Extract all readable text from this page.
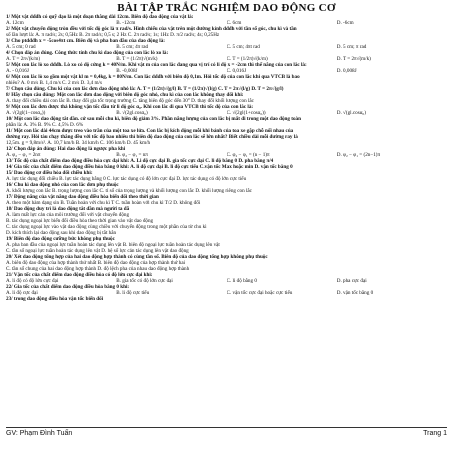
BÀI TẬP TRẮC NGHIỆM DAO ĐỘNG CƠ
1/ Một vật dđđh có quỹ đạo là một đoạn thẳng dài 12cm. Biên độ dao động của vật là:
A. 12cm	B. -12cm	C. 6cm	D. -6cm
2/ Một vật chuyển động tròn đều với tốc độ góc là π rad/s. Hình chiếu của vật trên một đường kính dđđh với tần số góc, chu kì và tần
số lần lượt là: A. π rad/s; 2s; 0,5Hz B. 2π rad/s; 0,5 s; 2 Hz C. 2π rad/s; 1s; 1Hz D. π/2 rad/s; 4s; 0,25Hz
3/ Cho ptdđđh x = -5cos4πt cm. Biên độ và pha ban đầu của dao động là:
A. 5 cm; 0 rad	B. 5 cm; 4π rad	C. 5 cm; 4πt rad	D. 5 cm; π rad
4/ Chọn đáp án đúng. Công thức tính chu kì dao động của con lắc lò xo là:
A. T = 2π√(k/m)	B. T = (1/2π)√(m/k)	C. T = (1/2π)√(k/m)	D. T = 2π√(m/k)
5/ Một con lắc lò xo dđđh. Lò xo có độ cứng k = 40N/m. Khi vật m của con lắc đang qua vị trí có li độ x = -2cm thì thế năng của con lắc là:
A. - 0,016J	B. -0,008J	C. 0,016J	D. 0,008J
6/ Một con lắc lò xo gồm một vật kl m = 0,4kg, k = 80N/m. Con lắc dđđh với biên độ 0,1m. Hỏi tốc độ của con lắc khi qua VTCB là bao
nhiêu? A. 0 m/s B. 1,4 m/s C. 2 m/s D. 3,4 m/s
7/ Chọn câu đúng. Chu kì của con lắc đơn dao động nhỏ là: A. T = (1/2π)√(g/l) B. T = (1/2π)√(l/g) C. T = 2π√(l/g) D. T = 2π√(g/l)
8/ Hãy chọn câu đúng: Một con lắc đơn dao động với biên độ góc nhỏ, chu kì của con lắc không thay đổi khi:
A. thay đổi chiều dài con lắc B. thay đổi gia tốc trọng trường C. tăng biên độ góc đến 30° D. thay đổi khối lượng con lắc
9/ Một con lắc đơn được thả không vận tốc đầu từ li độ góc α₀. Khi con lắc đi qua VTCB thì tốc độ của con lắc là:
A. √(2gl(1−cosα₀))	B. √(2gl.cosα₀)	C. √(2gl(1+cosα₀))	D. √(gl.cosα₀)
10/ Một con lắc dao động tắt dần. cứ sau mỗi chu kì, biên độ giảm 3%. Phần năng lượng của con lắc bị mất đi trong một dao động toàn
phần là: A. 3% B. 9% C. 4,5% D. 6%
11/ Một con lắc dài 44cm được treo vào trần của một toa xe lửa. Con lắc bị kích động mỗi khi bánh của toa xe gặp chỗ nối nhau của
đường ray. Hỏi tàu chạy thẳng đều với tốc độ bao nhiêu thì biên độ dao động của con lắc sẽ lớn nhất? Biết chiều dài mỗi đường ray là
12,5m. g = 9,8m/s². A. 10,7 km/h B. 34 km/h C. 106 km/h D. 45 km/h
12/ Chọn đáp án đúng: Hai dao động là ngược pha khi
A. φ₂ − φ₁ = 2nπ	B. φ₂ − φ₁ = nπ	C. φ₂ − φ₁ = (n − 1)π	D. φ₂ − φ₁ = (2n−1)π
13/ Tốc độ của chất điểm dao động điều hòa cực đại khi: A. Li độ cực đại B. gia tốc cực đại C. li độ bằng 0 D. pha bằng π/4
14/ Gia tốc của chất điểm dao động điều hòa bằng 0 khi: A. li độ cực đại B. li độ cực tiểu C.vận tốc Max hoặc min D. vận tốc bằng 0
15/ Dao động cơ điều hòa đổi chiều khi:
A. lực tác dụng đổi chiều B. lực tác dụng bằng 0 C. lực tác dụng có độ lớn cực đại D. lực tác dụng có độ lớn cực tiểu
16/ Chu kì dao động nhỏ của con lắc đơn phụ thuộc
A. khối lượng con lắc B. trọng lượng con lắc C. tỉ số của trọng lượng và khối lượng con lắc D. khối lượng riêng con lắc
17/ Động năng của vật năng dao động điều hòa biến đổi theo thời gian
A. theo một hàm dạng sin B. Tuần hoàn với chu kì T C. tuần hoàn với chu kì T/2 D. không đổi
18/ Dao động duy trì là dao động tắt dần mà người ta đã
A. làm mất lực cản của môi trường đối với vật chuyển động
B. tác dụng ngoại lực biến đổi điều hòa theo thời gian vào vật dao động
C. tác dụng ngoại lực vào vật dao động cùng chiều với chuyển động trong một phần của từ chu kì
D. kích thích lại dao động sau khi dao động bị tắt hẳn
19/ Biên độ dao động cưỡng bức không phụ thuộc
A. pha ban đầu của ngoại lực tuần hoàn tác dụng lên vật B. biên độ ngoại lực tuần hoàn tác dụng lên vật
C. tần số ngoại lực tuần hoàn tác dụng lên vật D. hệ số lực cản tác dụng lên vật dao động
20/ Xét dao động tổng hợp của hai dao động hợp thành có cùng tần số. Biên độ của dao động tổng hợp không phụ thuộc
A. biên độ dao động của hợp thành thứ nhất B. biên độ dao động của hợp thành thứ hai
C. tần số chung của hai dao động hợp thành D. độ lệch pha của nhau dao động hợp thành
21/ Vận tốc của chất điểm dao động điều hòa có độ lớn cực đại khi:
A. li độ có độ lớn cực đại	B. gia tốc có độ lớn cực đại	C. li độ bằng 0	D. pha cực đại
22/ Gia tốc của chất điểm dao động điều hòa bằng 0 khi:
A. li độ cực đại	B. li độ cực tiểu	C. vận tốc cực đại hoặc cực tiểu	D. vận tốc bằng 0
23/ trong dao động điều hòa vận tốc biến đổi
GV: Phạm Đình Tuấn	Trang 1
